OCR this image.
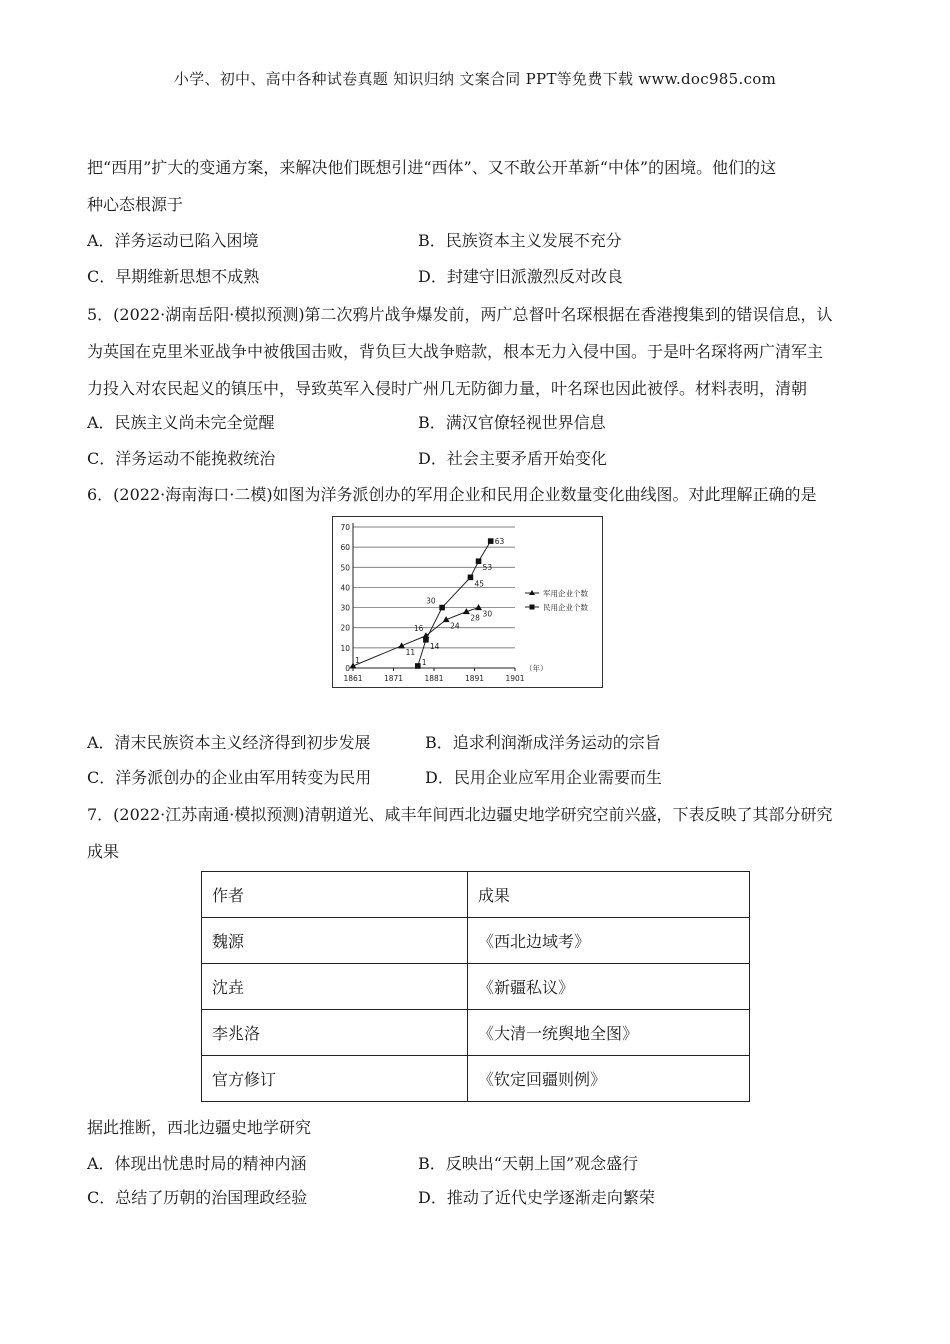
小学、初中、高中各种试卷真题 知识归纳 文案合同 PPT等免费下载 www.doc985.com
把“西用”扩大的变通方案，来解决他们既想引进“西体”、又不敢公开革新“中体”的困境。他们的这
种心态根源于
A．洋务运动已陷入困境	B．民族资本主义发展不充分
C．早期维新思想不成熟	D．封建守旧派激烈反对改良
5．(2022·湖南岳阳·模拟预测)第二次鸦片战争爆发前，两广总督叶名琛根据在香港搜集到的错误信息，认
为英国在克里米亚战争中被俄国击败，背负巨大战争赔款，根本无力入侵中国。于是叶名琛将两广清军主
力投入对农民起义的镇压中，导致英军入侵时广州几无防御力量，叶名琛也因此被俘。材料表明，清朝
A．民族主义尚未完全觉醒	B．满汉官僚轻视世界信息
C．洋务运动不能挽救统治	D．社会主要矛盾开始变化
6．(2022·海南海口·二模)如图为洋务派创办的军用企业和民用企业数量变化曲线图。对此理解正确的是
0
10
20
30
40
50
60
70
1861	1871	1881	1891	1901
（年）
1
11
16	24
28 30
1
14
30
45
53
63
军用企业个数
民用企业个数
A．清末民族资本主义经济得到初步发展	B．追求利润渐成洋务运动的宗旨
C．洋务派创办的企业由军用转变为民用	D．民用企业应军用企业需要而生
7．(2022·江苏南通·模拟预测)清朝道光、咸丰年间西北边疆史地学研究空前兴盛，下表反映了其部分研究
成果
作者	成果
魏源	《西北边域考》
沈垚	《新疆私议》
李兆洛	《大清一统舆地全图》
官方修订	《钦定回疆则例》
据此推断，西北边疆史地学研究
A．体现出忧患时局的精神内涵	B．反映出“天朝上国”观念盛行
C．总结了历朝的治国理政经验	D．推动了近代史学逐渐走向繁荣
